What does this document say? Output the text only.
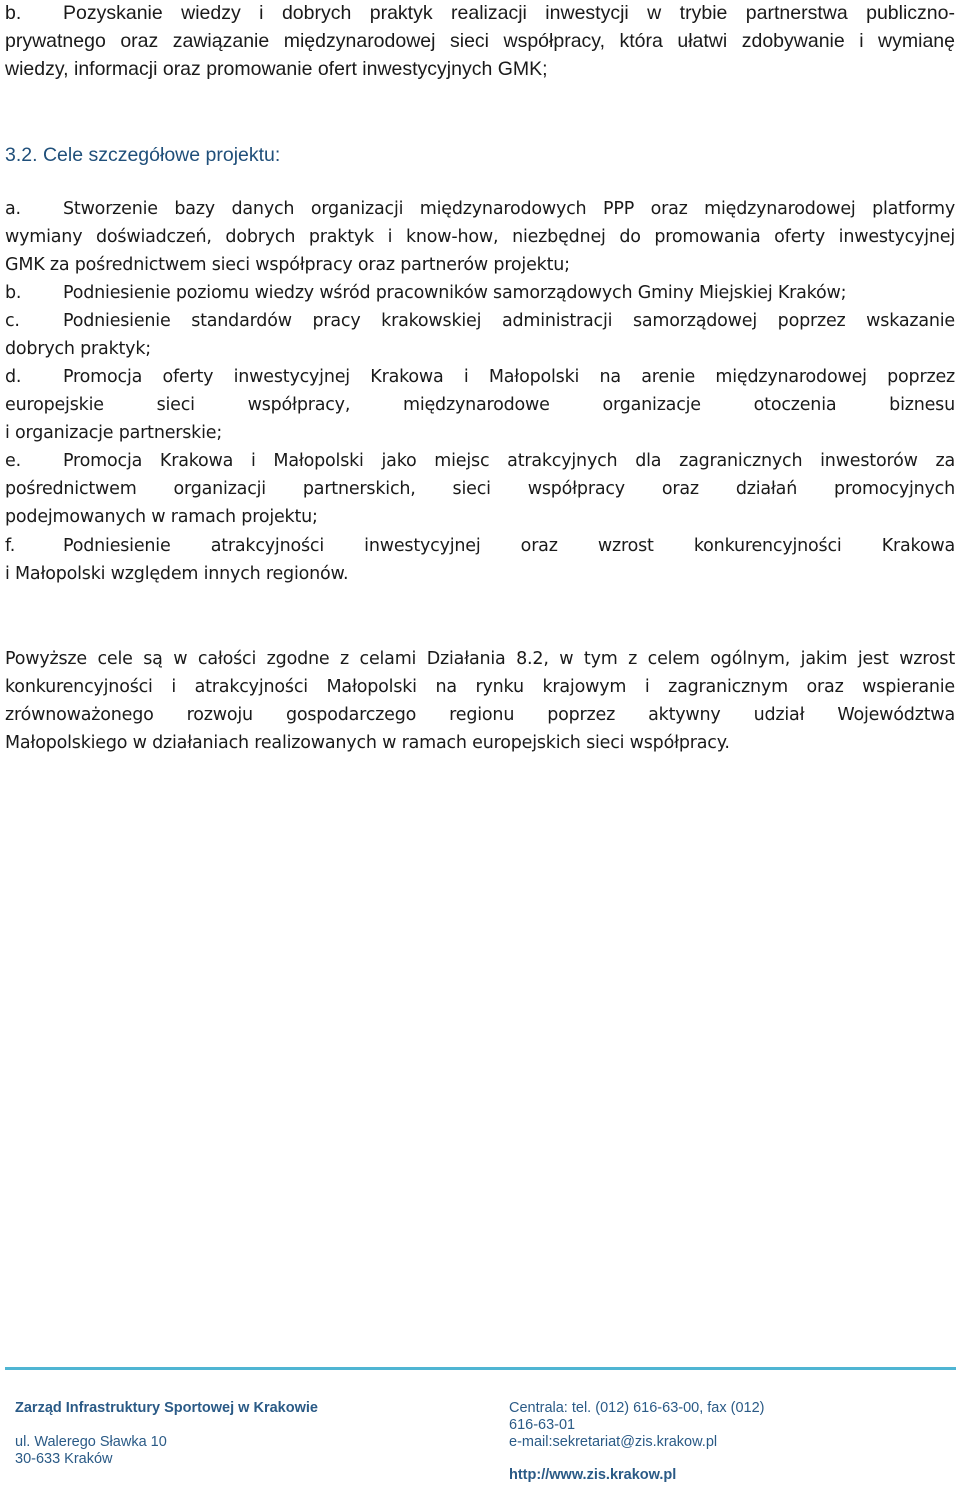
b. Pozyskanie wiedzy i dobrych praktyk realizacji inwestycji w trybie partnerstwa publiczno-
prywatnego oraz zawiązanie międzynarodowej sieci współpracy, która ułatwi zdobywanie i wymianę
wiedzy, informacji oraz promowanie ofert inwestycyjnych GMK;
3.2. Cele szczegółowe projektu:
a. Stworzenie bazy danych organizacji międzynarodowych PPP oraz międzynarodowej platformy
wymiany doświadczeń, dobrych praktyk i know-how, niezbędnej do promowania oferty inwestycyjnej
GMK za pośrednictwem sieci współpracy oraz partnerów projektu;
b. Podniesienie poziomu wiedzy wśród pracowników samorządowych Gminy Miejskiej Kraków;
c. Podniesienie standardów pracy krakowskiej administracji samorządowej poprzez wskazanie
dobrych praktyk;
d. Promocja oferty inwestycyjnej Krakowa i Małopolski na arenie międzynarodowej poprzez
europejskie sieci współpracy, międzynarodowe organizacje otoczenia biznesu
i organizacje partnerskie;
e. Promocja Krakowa i Małopolski jako miejsc atrakcyjnych dla zagranicznych inwestorów za
pośrednictwem organizacji partnerskich, sieci współpracy oraz działań promocyjnych
podejmowanych w ramach projektu;
f.	Podniesienie atrakcyjności inwestycyjnej oraz wzrost konkurencyjności Krakowa
i Małopolski względem innych regionów.
Powyższe cele są w całości zgodne z celami Działania 8.2, w tym z celem ogólnym, jakim jest wzrost
konkurencyjności i atrakcyjności Małopolski na rynku krajowym i zagranicznym oraz wspieranie
zrównoważonego rozwoju gospodarczego regionu poprzez aktywny udział Województwa
Małopolskiego w działaniach realizowanych w ramach europejskich sieci współpracy.
Zarząd Infrastruktury Sportowej w Krakowie
ul. Walerego Sławka 10
30-633 Kraków
Centrala: tel. (012) 616-63-00, fax (012)
616-63-01
e-mail:sekretariat@zis.krakow.pl
http://www.zis.krakow.pl
